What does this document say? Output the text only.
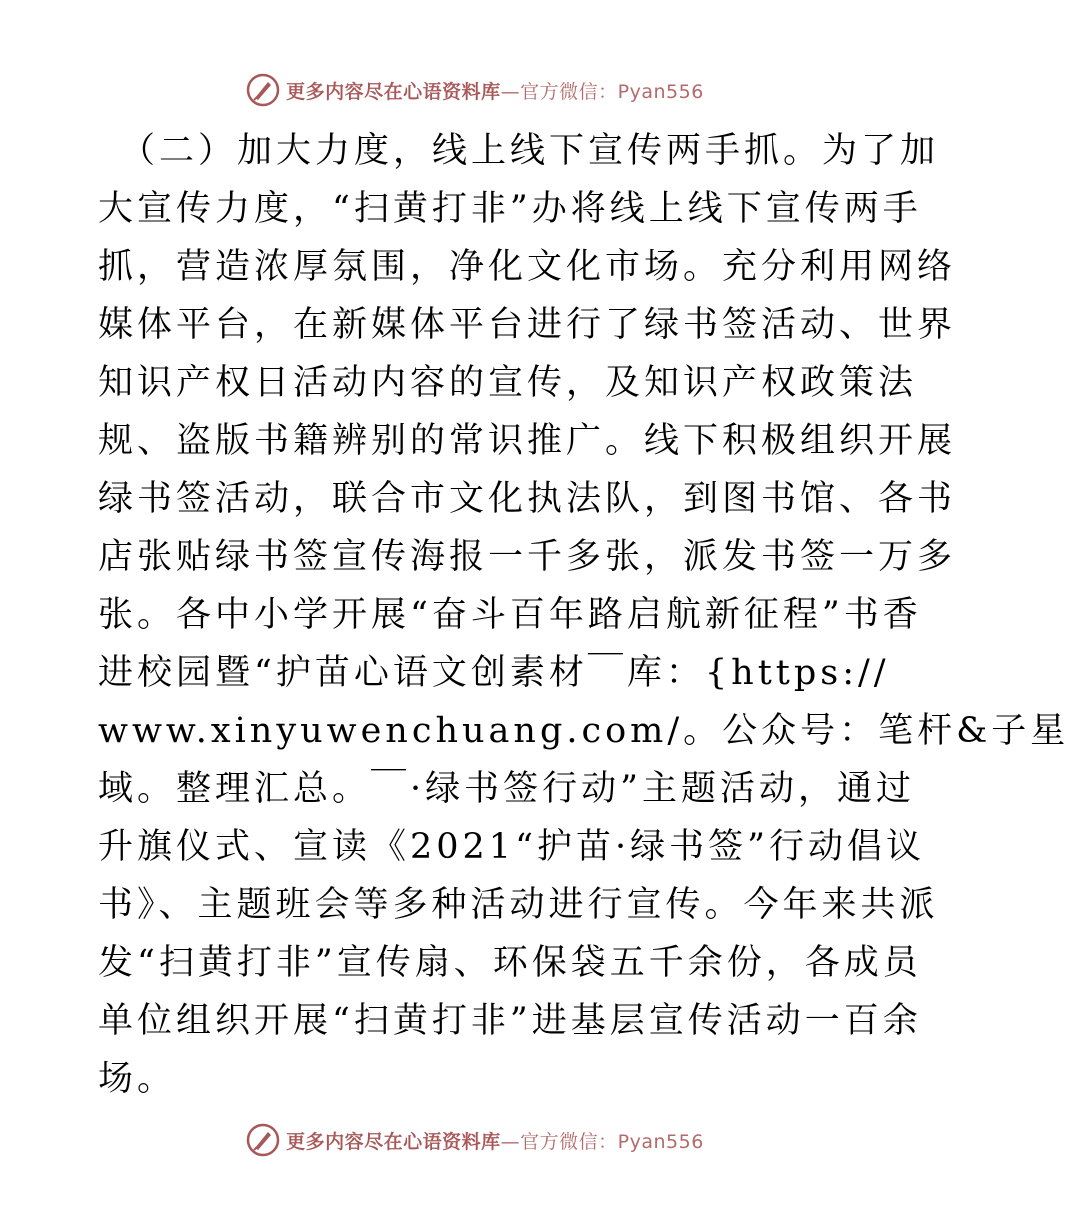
更多内容尽在心语资料库—官方微信：Pyan556
（二）加大力度，线上线下宣传两手抓。为了加
大宣传力度，“扫黄打非”办将线上线下宣传两手
抓，营造浓厚氛围，净化文化市场。充分利用网络
媒体平台，在新媒体平台进行了绿书签活动、世界
知识产权日活动内容的宣传，及知识产权政策法
规、盗版书籍辨别的常识推广。线下积极组织开展
绿书签活动，联合市文化执法队，到图书馆、各书
店张贴绿书签宣传海报一千多张，派发书签一万多
张。各中小学开展“奋斗百年路启航新征程”书香
进校园暨“护苗心语文创素材￣库：{https://
www.xinyuwenchuang.com/。公众号：笔杆&子星
域。整理汇总。￣·绿书签行动”主题活动，通过
升旗仪式、宣读《2021“护苗·绿书签”行动倡议
书》、主题班会等多种活动进行宣传。今年来共派
发“扫黄打非”宣传扇、环保袋五千余份，各成员
单位组织开展“扫黄打非”进基层宣传活动一百余
场。
更多内容尽在心语资料库—官方微信：Pyan556
